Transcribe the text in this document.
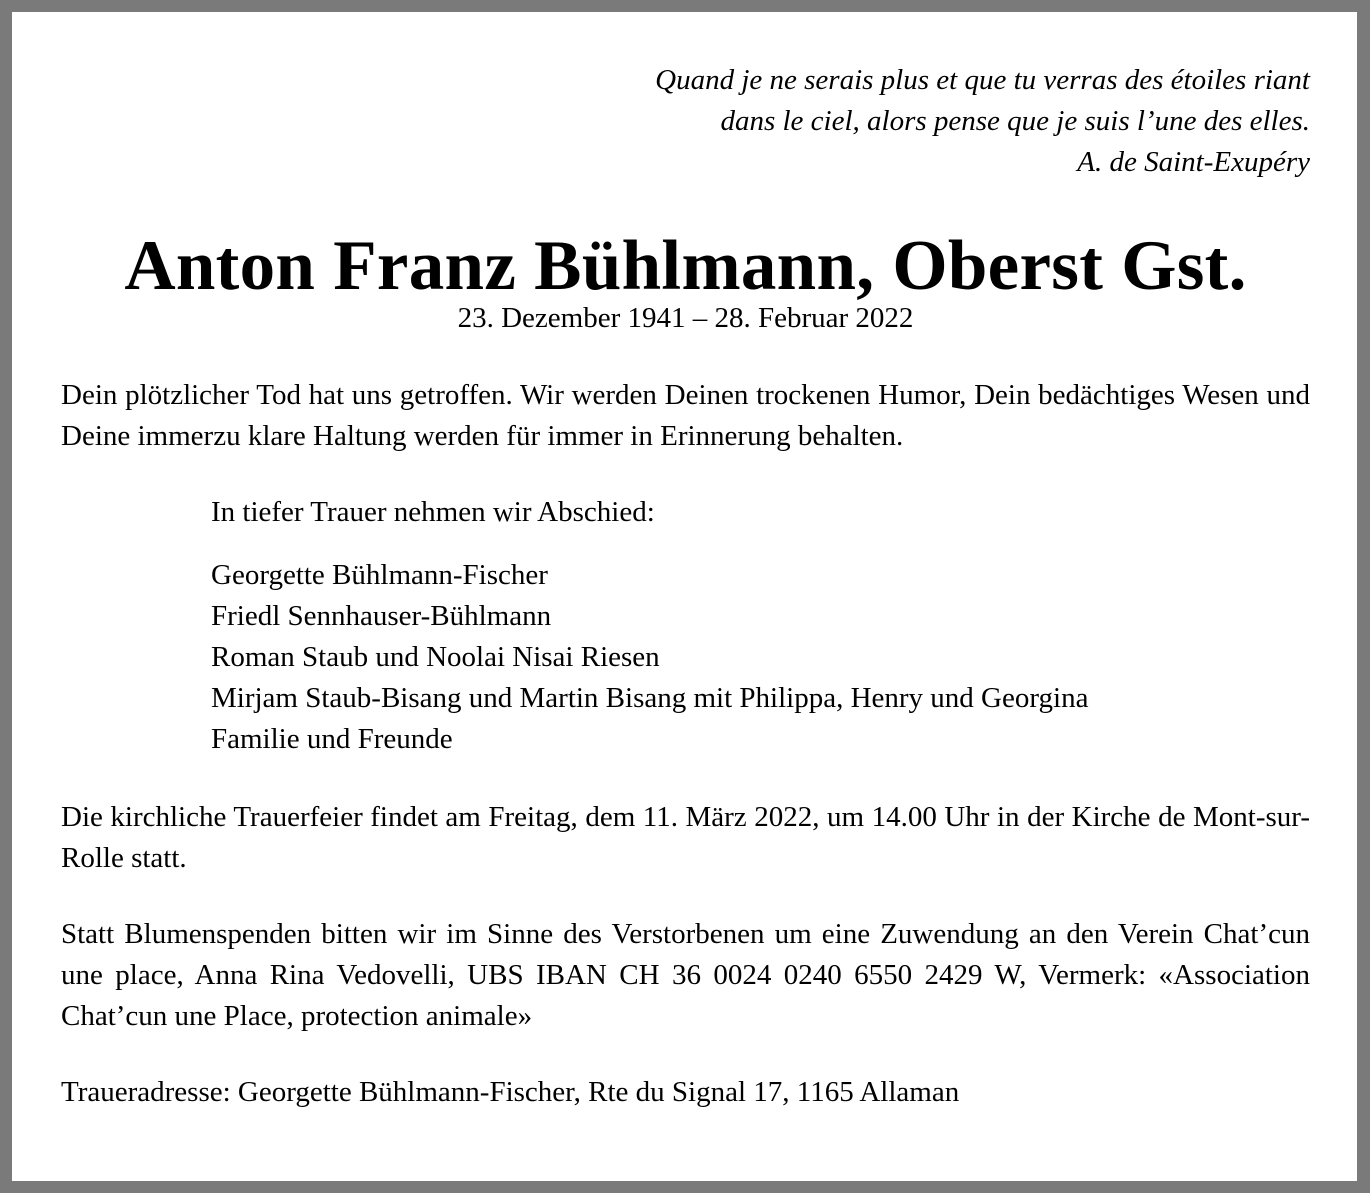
Quand je ne serais plus et que tu verras des étoiles riant
dans le ciel, alors pense que je suis l’une des elles.
A. de Saint-Exupéry
Anton Franz Bühlmann, Oberst Gst.
23. Dezember 1941 – 28. Februar 2022

Dein plötzlicher Tod hat uns getroffen. Wir werden Deinen trockenen Humor, Dein bedächtiges Wesen und Deine immerzu klare Haltung werden für immer in Erinnerung behalten.

In tiefer Trauer nehmen wir Abschied:
Georgette Bühlmann-Fischer
Friedl Sennhauser-Bühlmann
Roman Staub und Noolai Nisai Riesen
Mirjam Staub-Bisang und Martin Bisang mit Philippa, Henry und Georgina
Familie und Freunde

Die kirchliche Trauerfeier findet am Freitag, dem 11. März 2022, um 14.00 Uhr in der Kirche de Mont-sur-Rolle statt.

Statt Blumenspenden bitten wir im Sinne des Verstorbenen um eine Zuwendung an den Verein Chat’cun une place, Anna Rina Vedovelli, UBS IBAN CH 36 0024 0240 6550 2429 W, Vermerk: «Association Chat’cun une Place, protection animale»

Traueradresse: Georgette Bühlmann-Fischer, Rte du Signal 17, 1165 Allaman
